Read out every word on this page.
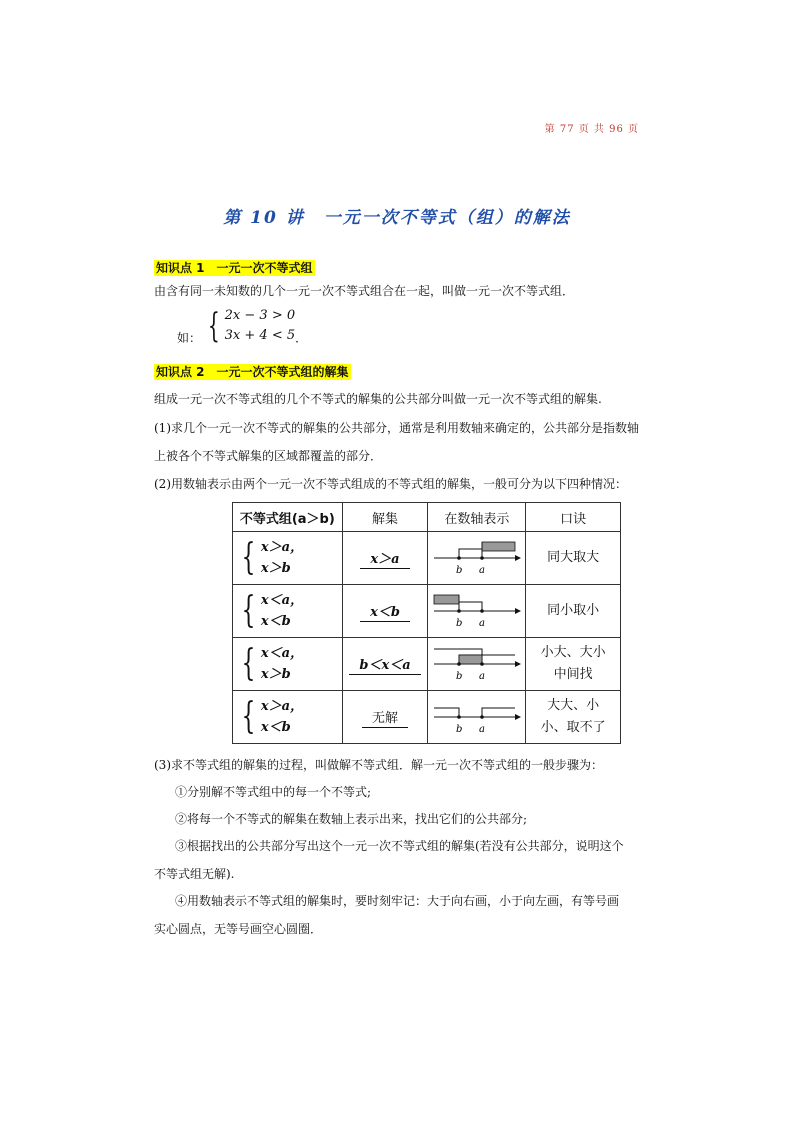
第 77 页 共 96 页
第 10 讲　一元一次不等式（组）的解法
知识点 1　一元一次不等式组
由含有同一未知数的几个一元一次不等式组合在一起，叫做一元一次不等式组．
如： { 2x − 3 > 0
3x + 4 < 5 ．
知识点 2　一元一次不等式组的解集
组成一元一次不等式组的几个不等式的解集的公共部分叫做一元一次不等式组的解集.
(1)求几个一元一次不等式的解集的公共部分，通常是利用数轴来确定的，公共部分是指数轴
上被各个不等式解集的区域都覆盖的部分．
(2)用数轴表示由两个一元一次不等式组成的不等式组的解集，一般可分为以下四种情况：
不等式组(a＞b)	解集	在数轴表示	口诀

{ x＞a，
x＞b	x＞a	b a	同大取大

{ x＜a，
x＜b	x＜b	b a	同小取小

{ x＜a，
x＞b	b＜x＜a	b a	小大、大小
中间找

{ x＞a，
x＜b	无解	b a	大大、小
小、取不了
(3)求不等式组的解集的过程，叫做解不等式组．解一元一次不等式组的一般步骤为：
①分别解不等式组中的每一个不等式;
②将每一个不等式的解集在数轴上表示出来，找出它们的公共部分;
③根据找出的公共部分写出这个一元一次不等式组的解集(若没有公共部分，说明这个
不等式组无解).
④用数轴表示不等式组的解集时，要时刻牢记：大于向右画，小于向左画，有等号画
实心圆点，无等号画空心圆圈．
